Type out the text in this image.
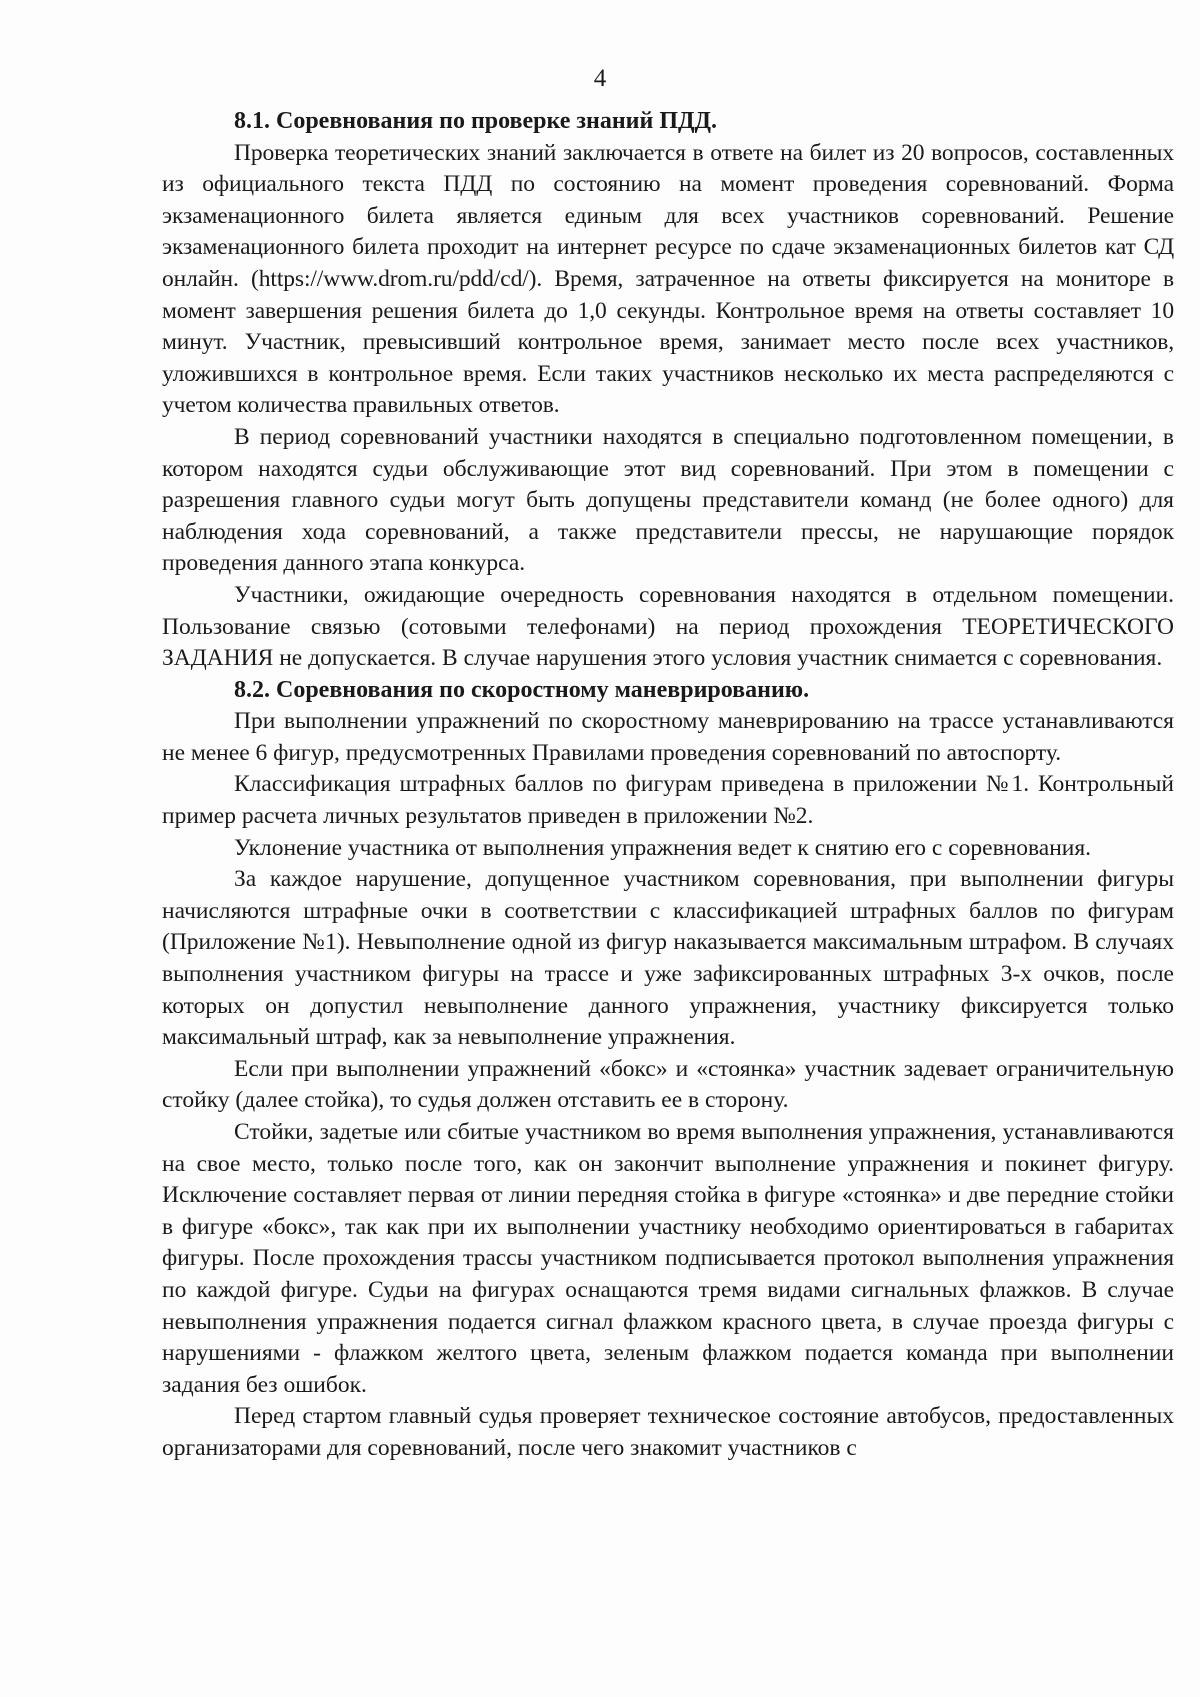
4
8.1. Соревнования по проверке знаний ПДД.

Проверка теоретических знаний заключается в ответе на билет из 20 вопросов, составленных из официального текста ПДД по состоянию на момент проведения соревнований. Форма экзаменационного билета является единым для всех участников соревнований. Решение экзаменационного билета проходит на интернет ресурсе по сдаче экзаменационных билетов кат СД онлайн. (https://www.drom.ru/pdd/cd/). Время, затраченное на ответы фиксируется на мониторе в момент завершения решения билета до 1,0 секунды. Контрольное время на ответы составляет 10 минут. Участник, превысивший контрольное время, занимает место после всех участников, уложившихся в контрольное время. Если таких участников несколько их места распределяются с учетом количества правильных ответов.

В период соревнований участники находятся в специально подготовленном помещении, в котором находятся судьи обслуживающие этот вид соревнований. При этом в помещении с разрешения главного судьи могут быть допущены представители команд (не более одного) для наблюдения хода соревнований, а также представители прессы, не нарушающие порядок проведения данного этапа конкурса.

Участники, ожидающие очередность соревнования находятся в отдельном помещении. Пользование связью (сотовыми телефонами) на период прохождения ТЕОРЕТИЧЕСКОГО ЗАДАНИЯ не допускается. В случае нарушения этого условия участник снимается с соревнования.

8.2. Соревнования по скоростному маневрированию.

При выполнении упражнений по скоростному маневрированию на трассе устанавливаются не менее 6 фигур, предусмотренных Правилами проведения соревнований по автоспорту.

Классификация штрафных баллов по фигурам приведена в приложении №1. Контрольный пример расчета личных результатов приведен в приложении №2.

Уклонение участника от выполнения упражнения ведет к снятию его с соревнования.

За каждое нарушение, допущенное участником соревнования, при выполнении фигуры начисляются штрафные очки в соответствии с классификацией штрафных баллов по фигурам (Приложение №1). Невыполнение одной из фигур наказывается максимальным штрафом. В случаях выполнения участником фигуры на трассе и уже зафиксированных штрафных 3-х очков, после которых он допустил невыполнение данного упражнения, участнику фиксируется только максимальный штраф, как за невыполнение упражнения.

Если при выполнении упражнений «бокс» и «стоянка» участник задевает ограничительную стойку (далее стойка), то судья должен отставить ее в сторону.

Стойки, задетые или сбитые участником во время выполнения упражнения, устанавливаются на свое место, только после того, как он закончит выполнение упражнения и покинет фигуру. Исключение составляет первая от линии передняя стойка в фигуре «стоянка» и две передние стойки в фигуре «бокс», так как при их выполнении участнику необходимо ориентироваться в габаритах фигуры. После прохождения трассы участником подписывается протокол выполнения упражнения по каждой фигуре. Судьи на фигурах оснащаются тремя видами сигнальных флажков. В случае невыполнения упражнения подается сигнал флажком красного цвета, в случае проезда фигуры с нарушениями - флажком желтого цвета, зеленым флажком подается команда при выполнении задания без ошибок.

Перед стартом главный судья проверяет техническое состояние автобусов, предоставленных организаторами для соревнований, после чего знакомит участников с
